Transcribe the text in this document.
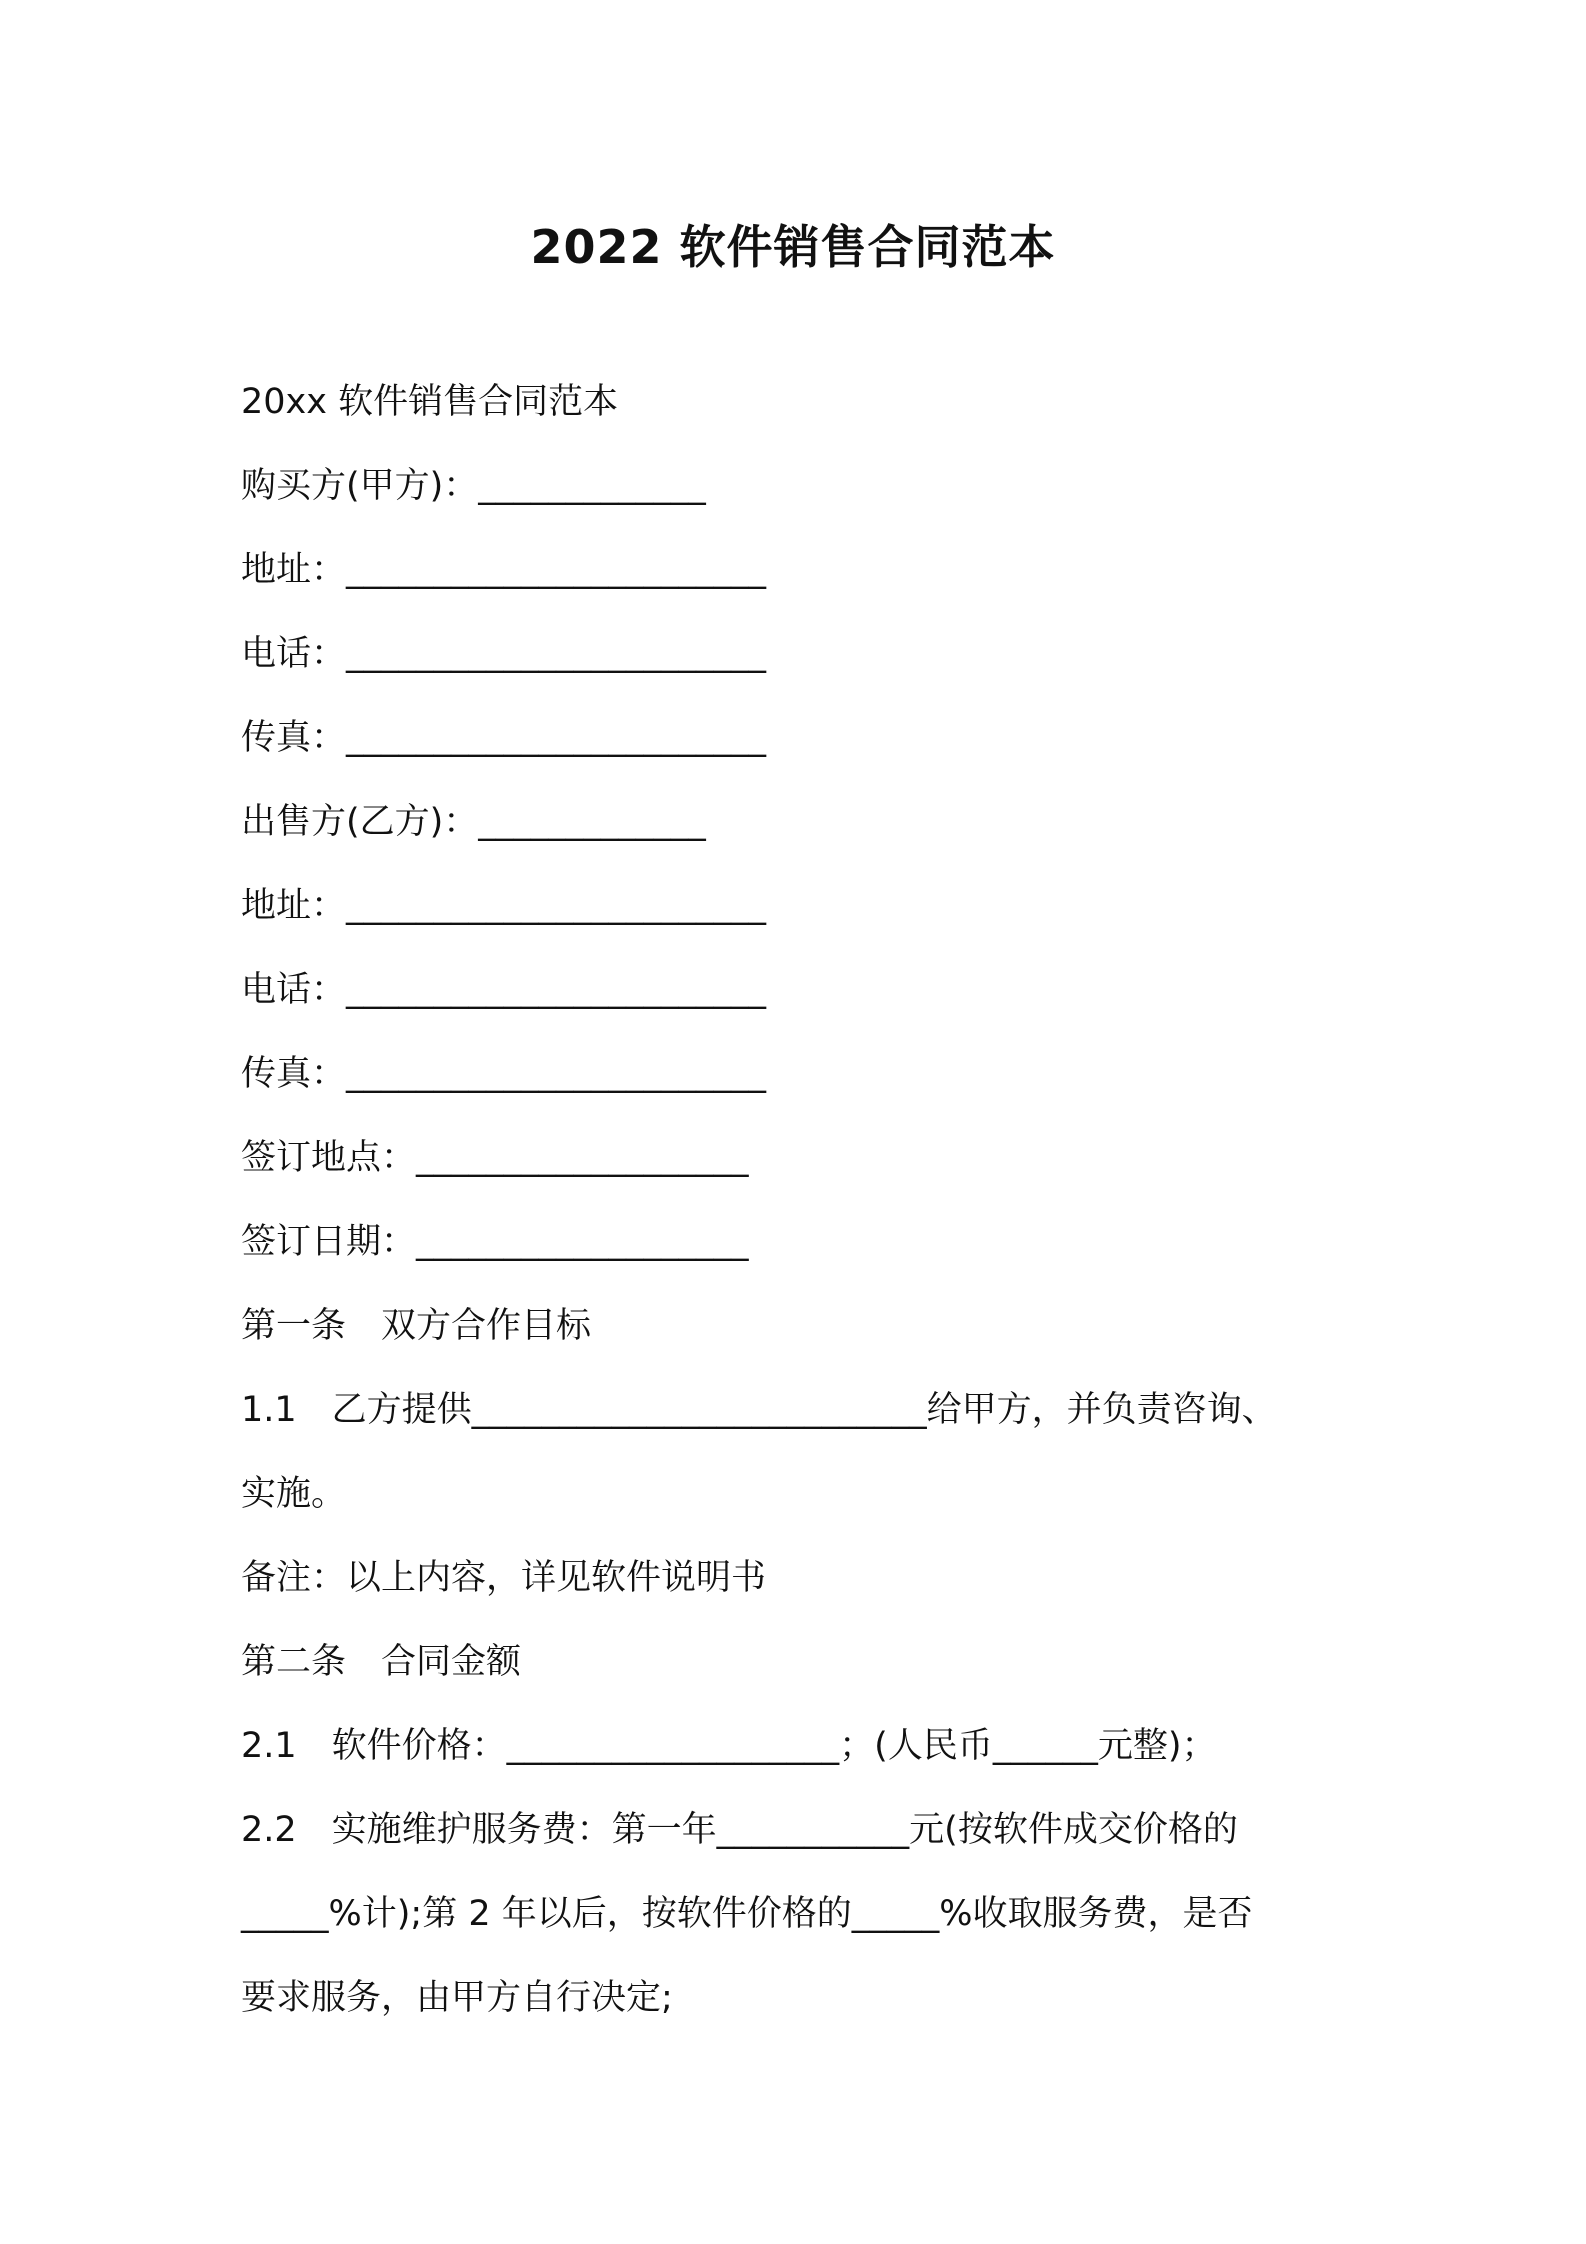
2022 软件销售合同范本
20xx 软件销售合同范本
购买方(甲方)：_____________
地址：________________________
电话：________________________
传真：________________________
出售方(乙方)：_____________
地址：________________________
电话：________________________
传真：________________________
签订地点：___________________
签订日期：___________________
第一条　双方合作目标
1.1　乙方提供__________________________给甲方，并负责咨询、
实施。
备注：以上内容，详见软件说明书
第二条　合同金额
2.1　软件价格：___________________；(人民币______元整)；
2.2　实施维护服务费：第一年___________元(按软件成交价格的
_____%计);第 2 年以后，按软件价格的_____%收取服务费，是否
要求服务，由甲方自行决定;
